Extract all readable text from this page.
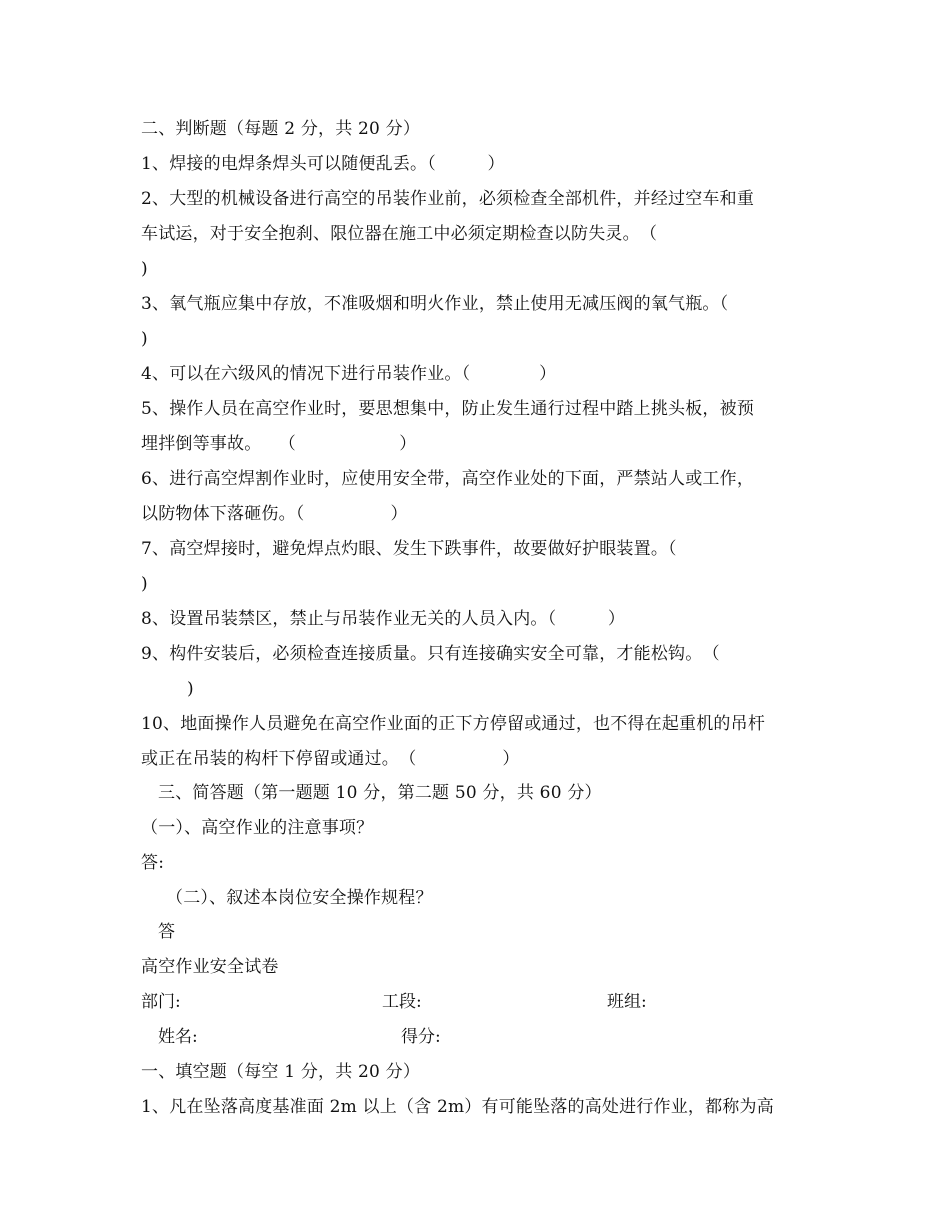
二、判断题（每题 2 分，共 20 分）
1、焊接的电焊条焊头可以随便乱丢。（　　　）
2、大型的机械设备进行高空的吊装作业前，必须检查全部机件，并经过空车和重
车试运，对于安全抱刹、限位器在施工中必须定期检查以防失灵。　（
)
3、氧气瓶应集中存放，不准吸烟和明火作业，禁止使用无减压阀的氧气瓶。（
)
4、可以在六级风的情况下进行吊装作业。（　　　　）
5、操作人员在高空作业时，要思想集中，防止发生通行过程中踏上挑头板，被预
埋拌倒等事故。　　（　　　　　　）
6、进行高空焊割作业时，应使用安全带，高空作业处的下面，严禁站人或工作，
以防物体下落砸伤。（　　　　　）
7、高空焊接时，避免焊点灼眼、发生下跌事件，故要做好护眼装置。（
)
8、设置吊装禁区，禁止与吊装作业无关的人员入内。（　　　）
9、构件安装后，必须检查连接质量。只有连接确实安全可靠，才能松钩。　（
)
10、地面操作人员避免在高空作业面的正下方停留或通过，也不得在起重机的吊杆
或正在吊装的构杆下停留或通过。　（　　　　　）
三、简答题（第一题题 10 分，第二题 50 分，共 60 分）
（一）、高空作业的注意事项？
答:
（二）、叙述本岗位安全操作规程？
答
高空作业安全试卷
部门:	工段:	班组:
姓名:	得分:
一、填空题（每空 1 分，共 20 分）
1、凡在坠落高度基准面 2m 以上（含 2m）有可能坠落的高处进行作业，都称为高
